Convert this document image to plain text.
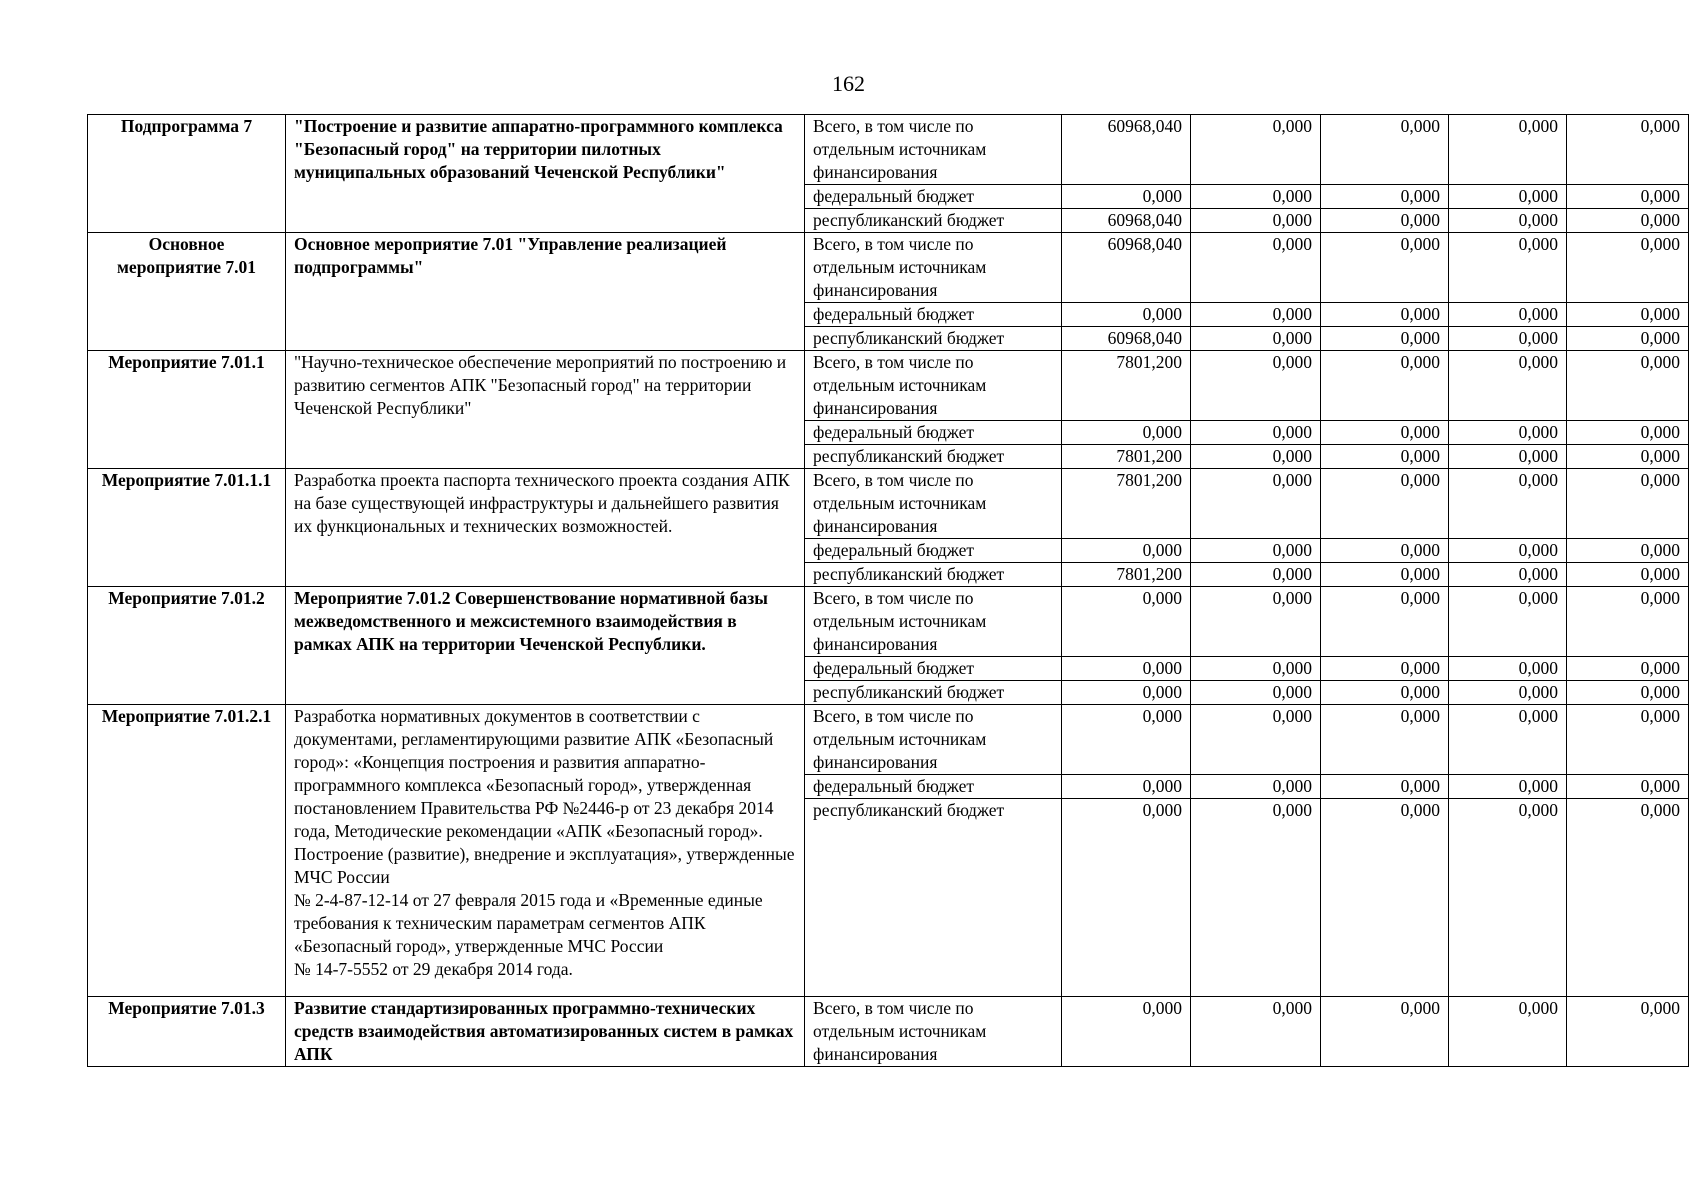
162
Подпрограмма 7	"Построение и развитие аппаратно-программного комплекса "Безопасный город" на территории пилотных муниципальных образований Чеченской Республики"	Всего, в том числе по отдельным источникам финансирования	60968,040	0,000	0,000	0,000	0,000
		федеральный бюджет	0,000	0,000	0,000	0,000	0,000
		республиканский бюджет	60968,040	0,000	0,000	0,000	0,000
Основное мероприятие 7.01	Основное мероприятие 7.01 "Управление реализацией подпрограммы"	Всего, в том числе по отдельным источникам финансирования	60968,040	0,000	0,000	0,000	0,000
		федеральный бюджет	0,000	0,000	0,000	0,000	0,000
		республиканский бюджет	60968,040	0,000	0,000	0,000	0,000
Мероприятие 7.01.1	"Научно-техническое обеспечение мероприятий по построению и развитию сегментов АПК "Безопасный город" на территории Чеченской Республики"	Всего, в том числе по отдельным источникам финансирования	7801,200	0,000	0,000	0,000	0,000
		федеральный бюджет	0,000	0,000	0,000	0,000	0,000
		республиканский бюджет	7801,200	0,000	0,000	0,000	0,000
Мероприятие 7.01.1.1	Разработка проекта паспорта технического проекта создания АПК на базе существующей инфраструктуры и дальнейшего развития их функциональных и технических возможностей.	Всего, в том числе по отдельным источникам финансирования	7801,200	0,000	0,000	0,000	0,000
		федеральный бюджет	0,000	0,000	0,000	0,000	0,000
		республиканский бюджет	7801,200	0,000	0,000	0,000	0,000
Мероприятие 7.01.2	Мероприятие 7.01.2 Совершенствование нормативной базы межведомственного и межсистемного взаимодействия в рамках АПК на территории Чеченской Республики.	Всего, в том числе по отдельным источникам финансирования	0,000	0,000	0,000	0,000	0,000
		федеральный бюджет	0,000	0,000	0,000	0,000	0,000
		республиканский бюджет	0,000	0,000	0,000	0,000	0,000
Мероприятие 7.01.2.1	Разработка нормативных документов в соответствии с документами, регламентирующими развитие АПК «Безопасный город»: «Концепция построения и развития аппаратно-программного комплекса «Безопасный город», утвержденная постановлением Правительства РФ №2446-р от 23 декабря 2014 года, Методические рекомендации «АПК «Безопасный город». Построение (развитие), внедрение и эксплуатация», утвержденные МЧС России
№ 2-4-87-12-14 от 27 февраля 2015 года и «Временные единые требования к техническим параметрам сегментов АПК «Безопасный город», утвержденные МЧС России
№ 14-7-5552 от 29 декабря 2014 года.	Всего, в том числе по отдельным источникам финансирования	0,000	0,000	0,000	0,000	0,000
		федеральный бюджет	0,000	0,000	0,000	0,000	0,000
		республиканский бюджет	0,000	0,000	0,000	0,000	0,000
Мероприятие 7.01.3	Развитие стандартизированных программно-технических средств взаимодействия автоматизированных систем в рамках АПК	Всего, в том числе по отдельным источникам финансирования	0,000	0,000	0,000	0,000	0,000
